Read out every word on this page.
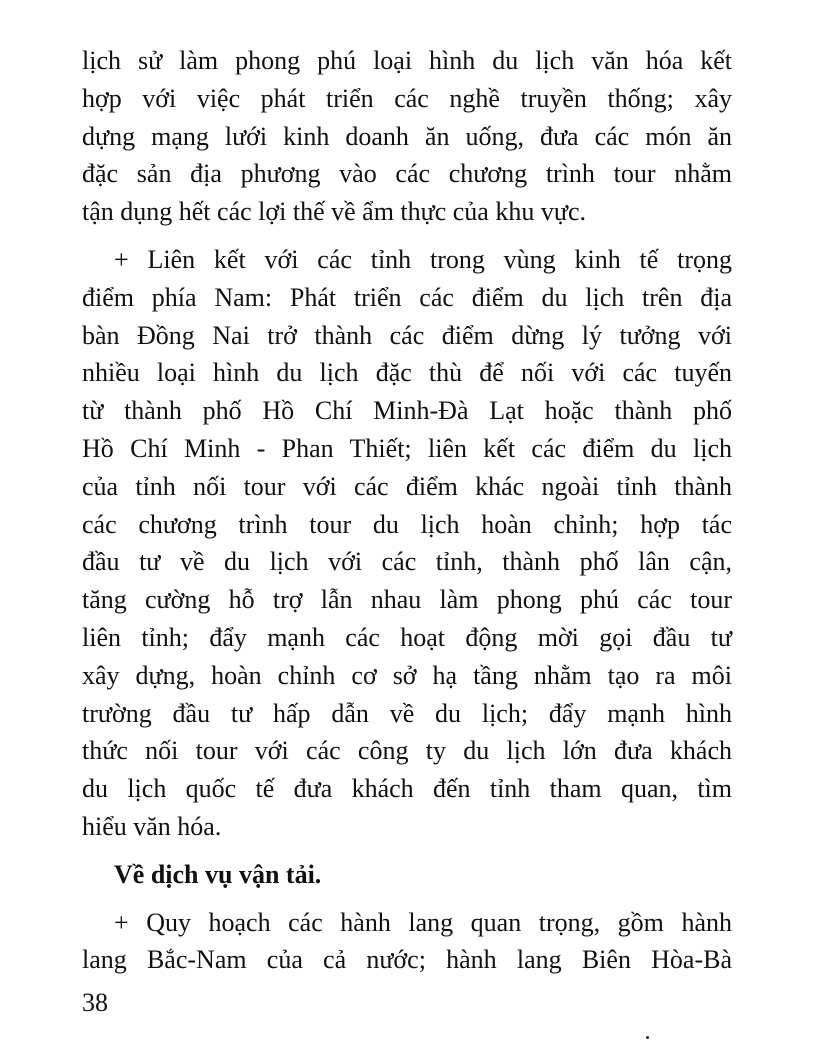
lịch sử làm phong phú loại hình du lịch văn hóa kết
hợp với việc phát triển các nghề truyền thống; xây
dựng mạng lưới kinh doanh ăn uống, đưa các món ăn
đặc sản địa phương vào các chương trình tour nhằm
tận dụng hết các lợi thế về ẩm thực của khu vực.
+ Liên kết với các tỉnh trong vùng kinh tế trọng
điểm phía Nam: Phát triển các điểm du lịch trên địa
bàn Đồng Nai trở thành các điểm dừng lý tưởng với
nhiều loại hình du lịch đặc thù để nối với các tuyến
từ thành phố Hồ Chí Minh-Đà Lạt hoặc thành phố
Hồ Chí Minh - Phan Thiết; liên kết các điểm du lịch
của tỉnh nối tour với các điểm khác ngoài tỉnh thành
các chương trình tour du lịch hoàn chỉnh; hợp tác
đầu tư về du lịch với các tỉnh, thành phố lân cận,
tăng cường hỗ trợ lẫn nhau làm phong phú các tour
liên tỉnh; đẩy mạnh các hoạt động mời gọi đầu tư
xây dựng, hoàn chỉnh cơ sở hạ tầng nhằm tạo ra môi
trường đầu tư hấp dẫn về du lịch; đẩy mạnh hình
thức nối tour với các công ty du lịch lớn đưa khách
du lịch quốc tế đưa khách đến tỉnh tham quan, tìm
hiểu văn hóa.
Về dịch vụ vận tải.
+ Quy hoạch các hành lang quan trọng, gồm hành
lang Bắc-Nam của cả nước; hành lang Biên Hòa-Bà
38
